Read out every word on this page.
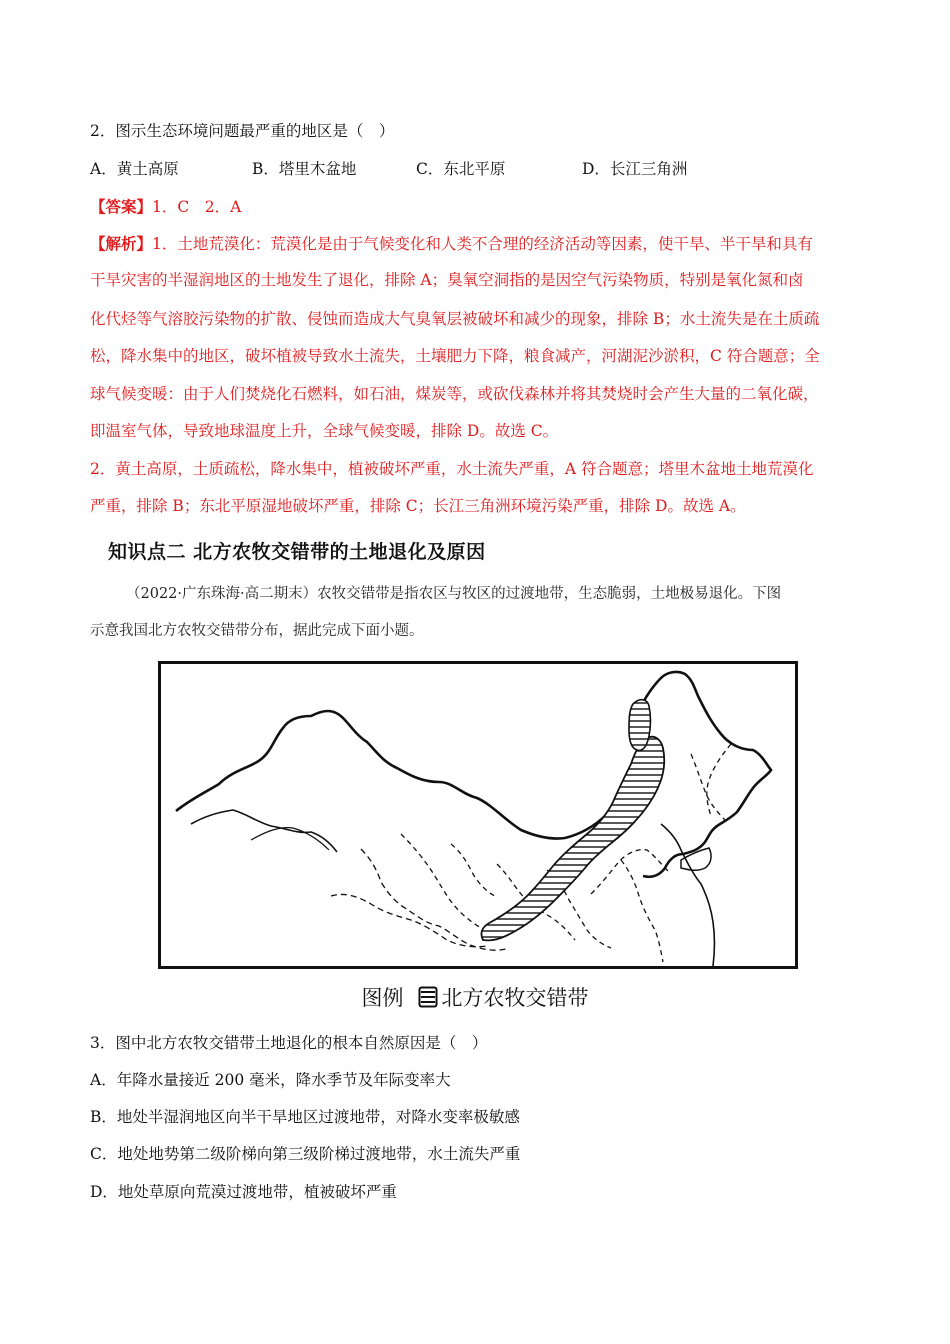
2．图示生态环境问题最严重的地区是（　）
A．黄土高原	B．塔里木盆地	C．东北平原	D．长江三角洲
【答案】1．C　2．A
【解析】1．土地荒漠化：荒漠化是由于气候变化和人类不合理的经济活动等因素，使干旱、半干旱和具有
干旱灾害的半湿润地区的土地发生了退化，排除 A；臭氧空洞指的是因空气污染物质，特别是氧化氮和卤
化代烃等气溶胶污染物的扩散、侵蚀而造成大气臭氧层被破坏和减少的现象，排除 B；水土流失是在土质疏
松，降水集中的地区，破坏植被导致水土流失，土壤肥力下降，粮食减产，河湖泥沙淤积，C 符合题意；全
球气候变暖：由于人们焚烧化石燃料，如石油，煤炭等，或砍伐森林并将其焚烧时会产生大量的二氧化碳，
即温室气体，导致地球温度上升，全球气候变暖，排除 D。故选 C。
2．黄土高原，土质疏松，降水集中，植被破坏严重，水土流失严重，A 符合题意；塔里木盆地土地荒漠化
严重，排除 B；东北平原湿地破坏严重，排除 C；长江三角洲环境污染严重，排除 D。故选 A。
知识点二 北方农牧交错带的土地退化及原因
（2022·广东珠海·高二期末）农牧交错带是指农区与牧区的过渡地带，生态脆弱，土地极易退化。下图
示意我国北方农牧交错带分布，据此完成下面小题。
图例 北方农牧交错带
3．图中北方农牧交错带土地退化的根本自然原因是（　）
A．年降水量接近 200 毫米，降水季节及年际变率大
B．地处半湿润地区向半干旱地区过渡地带，对降水变率极敏感
C．地处地势第二级阶梯向第三级阶梯过渡地带，水土流失严重
D．地处草原向荒漠过渡地带，植被破坏严重
